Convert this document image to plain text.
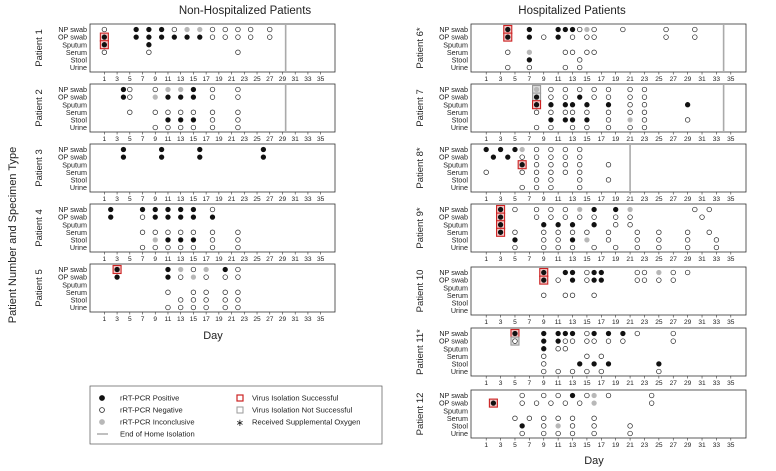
Non-Hospitalized Patients	Hospitalized Patients
Patient Number and Specimen Type
Day
Day
Patient 1 NP swab
OP swab
Sputum
Serum
Stool
Urine
1 3 5 7 9 11 13 15 17 19 21 23 25 27 29 31 33 35
Patient 2 NP swab
OP swab
Sputum
Serum
Stool
Urine
1 3 5 7 9 11 13 15 17 19 21 23 25 27 29 31 33 35
Patient 3 NP swab
OP swab
Sputum
Serum
Stool
Urine
1 3 5 7 9 11 13 15 17 19 21 23 25 27 29 31 33 35
Patient 4 NP swab
OP swab
Sputum
Serum
Stool
Urine
1 3 5 7 9 11 13 15 17 19 21 23 25 27 29 31 33 35
Patient 5 NP swab
OP swab
Sputum
Serum
Stool
Urine
1 3 5 7 9 11 13 15 17 19 21 23 25 27 29 31 33 35
Patient 6* NP swab
OP swab
Sputum
Serum
Stool
Urine
1 3 5 7 9 11 13 15 17 19 21 23 25 27 29 31 33 35
Patient 7 NP swab
OP swab
Sputum
Serum
Stool
Urine
1 3 5 7 9 11 13 15 17 19 21 23 25 27 29 31 33 35
Patient 8* NP swab
OP swab
Sputum
Serum
Stool
Urine
1 3 5 7 9 11 13 15 17 19 21 23 25 27 29 31 33 35
Patient 9* NP swab
OP swab
Sputum
Serum
Stool
Urine
1 3 5 7 9 11 13 15 17 19 21 23 25 27 29 31 33 35
Patient 10 NP swab
OP swab
Sputum
Serum
Stool
Urine
1 3 5 7 9 11 13 15 17 19 21 23 25 27 29 31 33 35
Patient 11* NP swab
OP swab
Sputum
Serum
Stool
Urine
1 3 5 7 9 11 13 15 17 19 21 23 25 27 29 31 33 35
Patient 12 NP swab
OP swab
Sputum
Serum
Stool
Urine
1 3 5 7 9 11 13 15 17 19 21 23 25 27 29 31 33 35
rRT-PCR Positive
rRT-PCR Negative
rRT-PCR Inconclusive
End of Home Isolation
Virus Isolation Successful
Virus Isolation Not Successful
∗ Received Supplemental Oxygen
